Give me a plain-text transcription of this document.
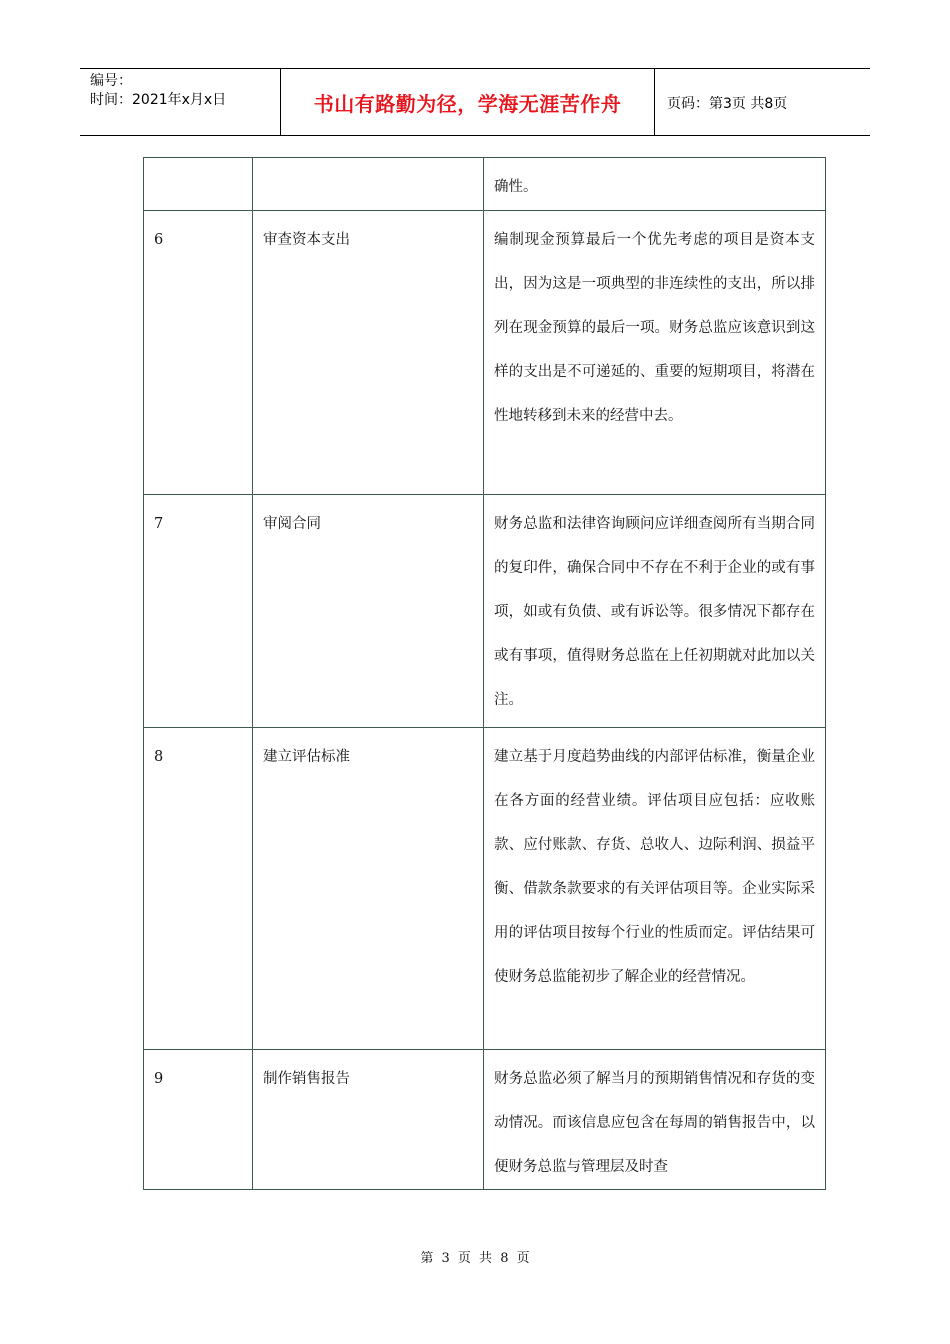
编号：
时间：2021年x月x日	书山有路勤为径，学海无涯苦作舟	页码：第3页 共8页
		确性。
6	审查资本支出	编制现金预算最后一个优先考虑的项目是资本支出，因为这是一项典型的非连续性的支出，所以排列在现金预算的最后一项。财务总监应该意识到这样的支出是不可递延的、重要的短期项目，将潜在性地转移到未来的经营中去。
7	审阅合同	财务总监和法律咨询顾问应详细查阅所有当期合同的复印件，确保合同中不存在不利于企业的或有事项，如或有负债、或有诉讼等。很多情况下都存在或有事项，值得财务总监在上任初期就对此加以关注。
8	建立评估标准	建立基于月度趋势曲线的内部评估标准，衡量企业在各方面的经营业绩。评估项目应包括：应收账款、应付账款、存货、总收人、边际利润、损益平衡、借款条款要求的有关评估项目等。企业实际采用的评估项目按每个行业的性质而定。评估结果可使财务总监能初步了解企业的经营情况。
9	制作销售报告	财务总监必须了解当月的预期销售情况和存货的变动情况。而该信息应包含在每周的销售报告中，以便财务总监与管理层及时查
第 3 页 共 8 页
